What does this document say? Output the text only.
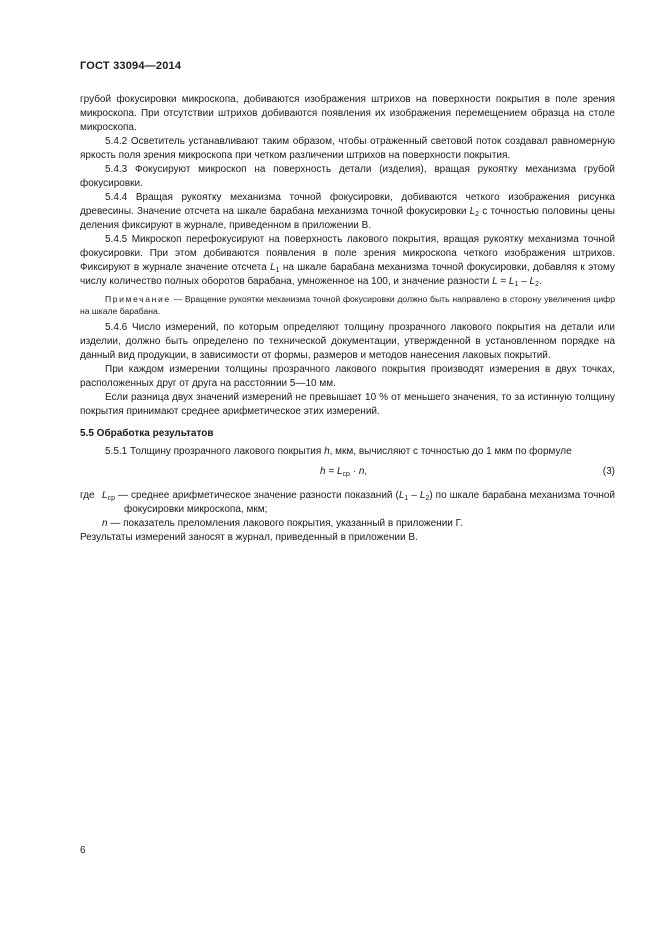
ГОСТ 33094—2014

грубой фокусировки микроскопа, добиваются изображения штрихов на поверхности покрытия в поле зрения микроскопа. При отсутствии штрихов добиваются появления их изображения перемещением образца на столе микроскопа.

5.4.2 Осветитель устанавливают таким образом, чтобы отраженный световой поток создавал равномерную яркость поля зрения микроскопа при четком различении штрихов на поверхности покрытия.

5.4.3 Фокусируют микроскоп на поверхность детали (изделия), вращая рукоятку механизма грубой фокусировки.

5.4.4 Вращая рукоятку механизма точной фокусировки, добиваются четкого изображения рисунка древесины. Значение отсчета на шкале барабана механизма точной фокусировки $L_2$ с точностью половины цены деления фиксируют в журнале, приведенном в приложении В.

5.4.5 Микроскоп перефокусируют на поверхность лакового покрытия, вращая рукоятку механизма точной фокусировки. При этом добиваются появления в поле зрения микроскопа четкого изображения штрихов. Фиксируют в журнале значение отсчета $L_1$ на шкале барабана механизма точной фокусировки, добавляя к этому числу количество полных оборотов барабана, умноженное на 100, и значение разности $L = L_1 - L_2$.

Примечание — Вращение рукоятки механизма точной фокусировки должно быть направлено в сторону увеличения цифр на шкале барабана.

5.4.6 Число измерений, по которым определяют толщину прозрачного лакового покрытия на детали или изделии, должно быть определено по технической документации, утвержденной в установленном порядке на данный вид продукции, в зависимости от формы, размеров и методов нанесения лаковых покрытий.

При каждом измерении толщины прозрачного лакового покрытия производят измерения в двух точках, расположенных друг от друга на расстоянии 5—10 мм.

Если разница двух значений измерений не превышает 10 % от меньшего значения, то за истинную толщину покрытия принимают среднее арифметическое этих измерений.

5.5 Обработка результатов

5.5.1 Толщину прозрачного лакового покрытия h, мкм, вычисляют с точностью до 1 мкм по формуле

$h = L_{ср} \cdot n$,	(3)
где $L_{ср}$ — среднее арифметическое значение разности показаний $(L_1 - L_2)$ по шкале барабана механизма точной фокусировки микроскопа, мкм;

n — показатель преломления лакового покрытия, указанный в приложении Г.

Результаты измерений заносят в журнал, приведенный в приложении В.

6
